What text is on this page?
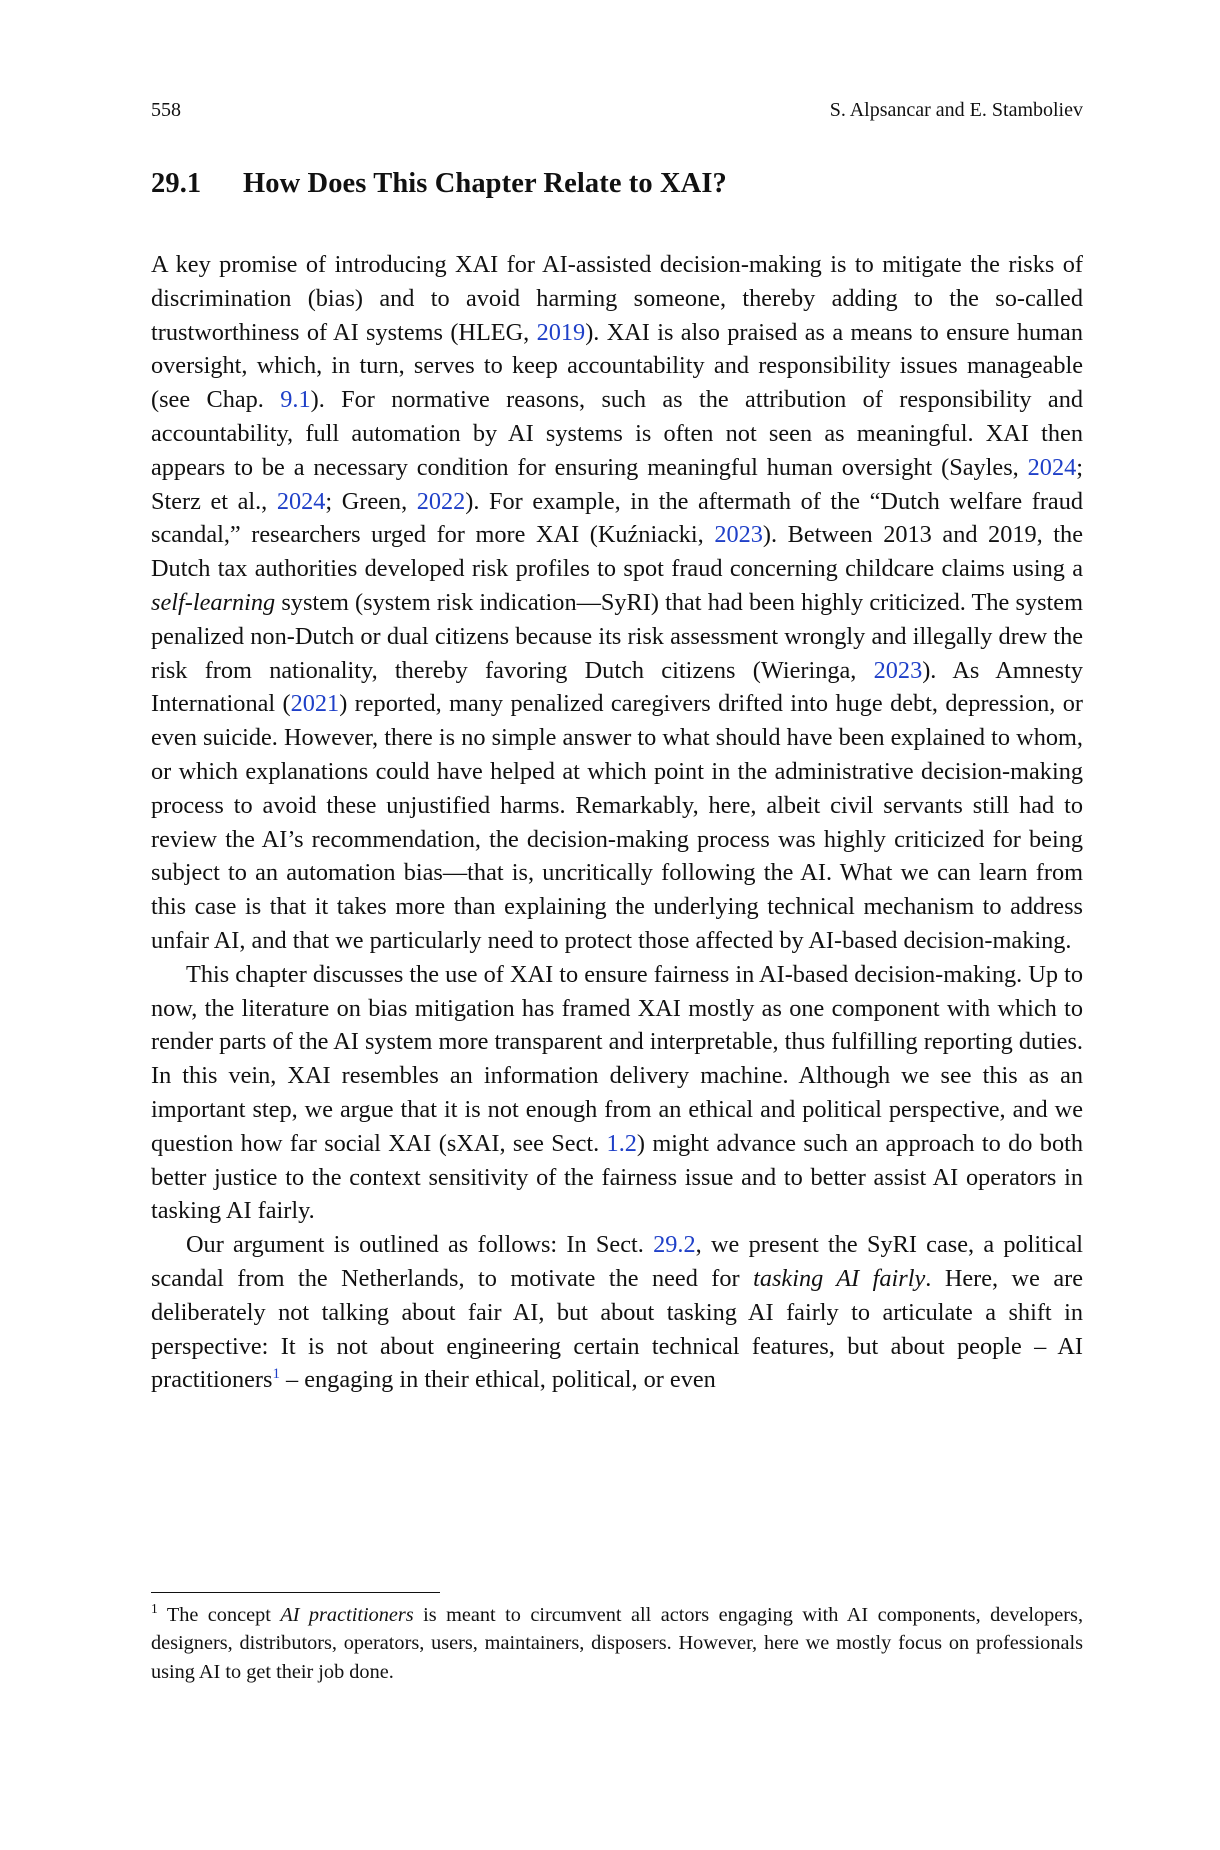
558	S. Alpsancar and E. Stamboliev
29.1 How Does This Chapter Relate to XAI?

A key promise of introducing XAI for AI-assisted decision-making is to mitigate the risks of discrimination (bias) and to avoid harming someone, thereby adding to the so-called trustworthiness of AI systems (HLEG, 2019). XAI is also praised as a means to ensure human oversight, which, in turn, serves to keep accountability and responsibility issues manageable (see Chap. 9.1). For normative reasons, such as the attribution of responsibility and accountability, full automation by AI systems is often not seen as meaningful. XAI then appears to be a necessary condition for ensuring meaningful human oversight (Sayles, 2024; Sterz et al., 2024; Green, 2022). For example, in the aftermath of the “Dutch welfare fraud scandal,” researchers urged for more XAI (Kuźniacki, 2023). Between 2013 and 2019, the Dutch tax authorities developed risk profiles to spot fraud concerning childcare claims using a self-learning system (system risk indication—SyRI) that had been highly criticized. The system penalized non-Dutch or dual citizens because its risk assessment wrongly and illegally drew the risk from nationality, thereby favoring Dutch citizens (Wieringa, 2023). As Amnesty International (2021) reported, many penalized caregivers drifted into huge debt, depression, or even suicide. However, there is no simple answer to what should have been explained to whom, or which explanations could have helped at which point in the administrative decision-making process to avoid these unjustified harms. Remarkably, here, albeit civil servants still had to review the AI’s recommendation, the decision-making process was highly criticized for being subject to an automation bias—that is, uncritically following the AI. What we can learn from this case is that it takes more than explaining the underlying technical mechanism to address unfair AI, and that we particularly need to protect those affected by AI-based decision-making.

This chapter discusses the use of XAI to ensure fairness in AI-based decision-making. Up to now, the literature on bias mitigation has framed XAI mostly as one component with which to render parts of the AI system more transparent and interpretable, thus fulfilling reporting duties. In this vein, XAI resembles an information delivery machine. Although we see this as an important step, we argue that it is not enough from an ethical and political perspective, and we question how far social XAI (sXAI, see Sect. 1.2) might advance such an approach to do both better justice to the context sensitivity of the fairness issue and to better assist AI operators in tasking AI fairly.

Our argument is outlined as follows: In Sect. 29.2, we present the SyRI case, a political scandal from the Netherlands, to motivate the need for tasking AI fairly. Here, we are deliberately not talking about fair AI, but about tasking AI fairly to articulate a shift in perspective: It is not about engineering certain technical features, but about people – AI practitioners$^1$ – engaging in their ethical, political, or even

$^1$ The concept AI practitioners is meant to circumvent all actors engaging with AI components, developers, designers, distributors, operators, users, maintainers, disposers. However, here we mostly focus on professionals using AI to get their job done.
